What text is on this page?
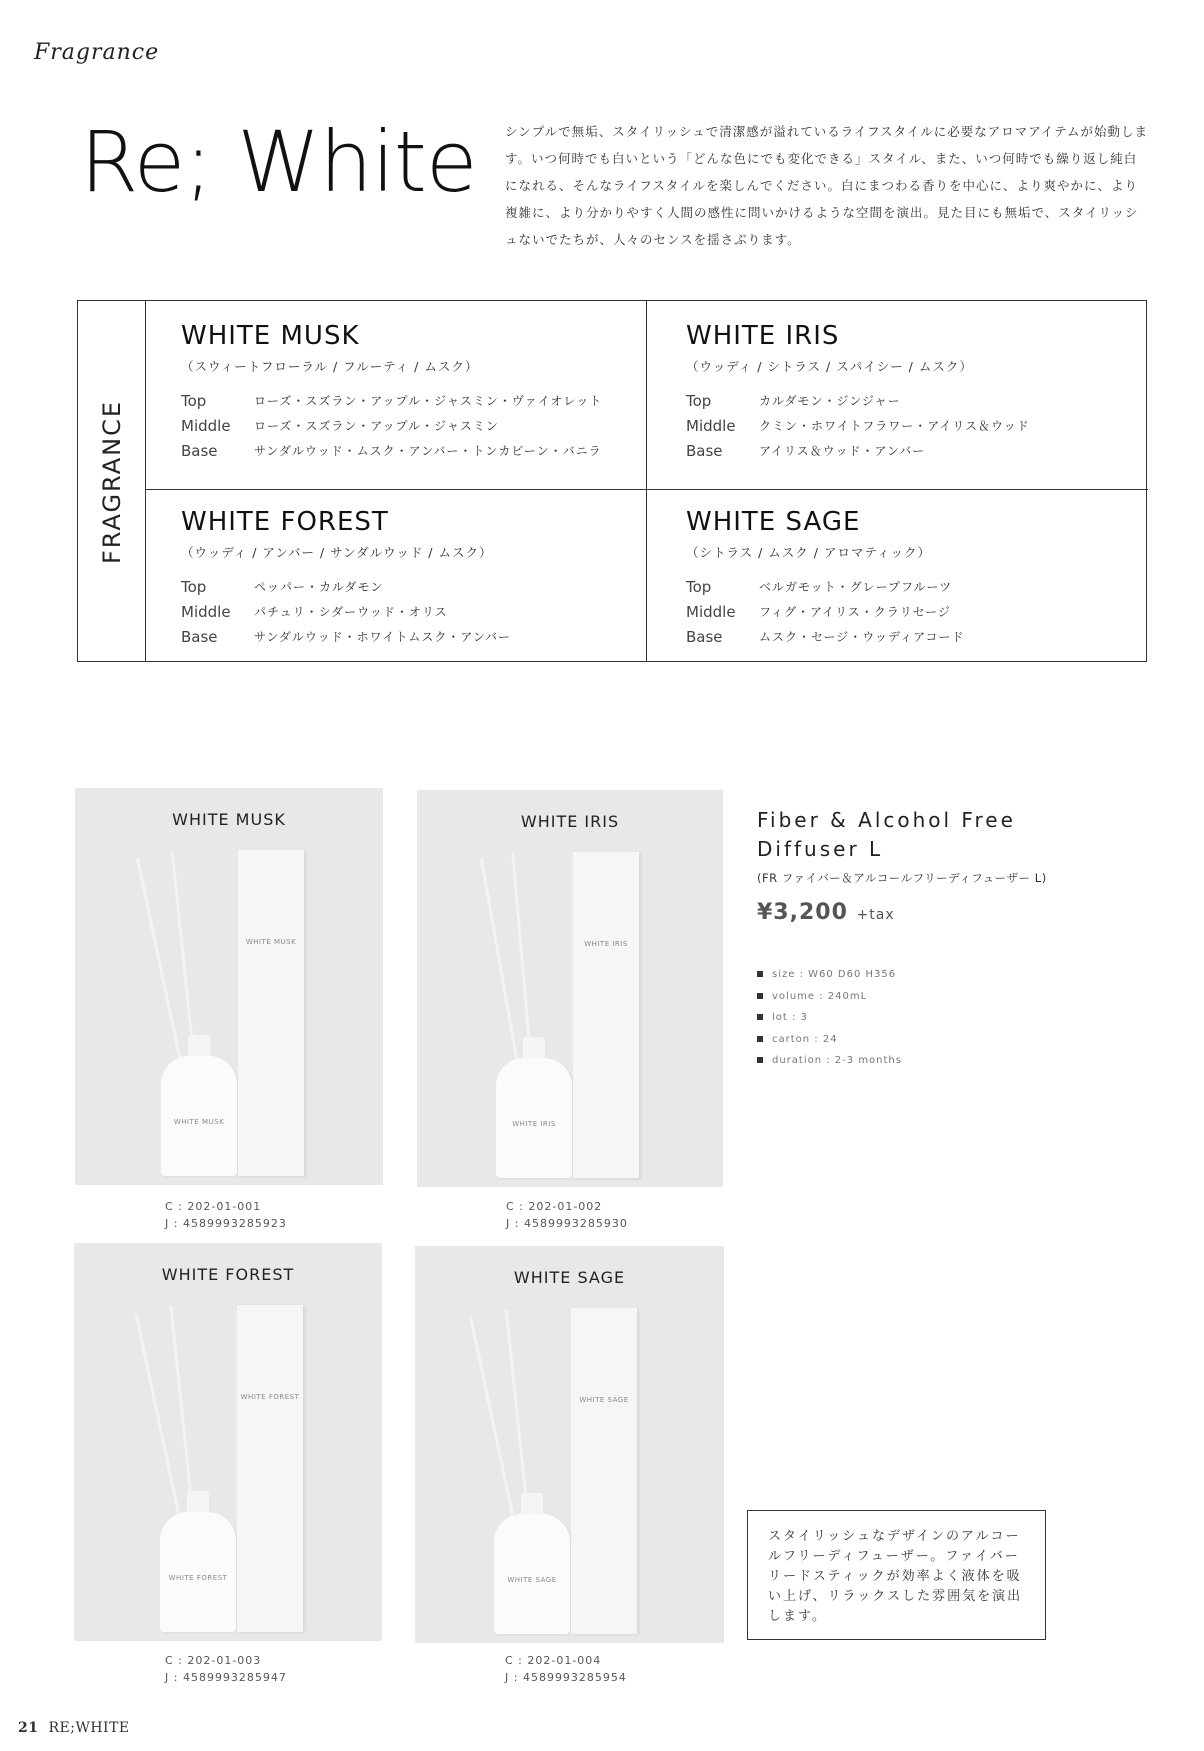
Fragrance
Re; White シンプルで無垢、スタイリッシュで清潔感が溢れているライフスタイルに必要なアロマアイテムが始動します。いつ何時でも白いという「どんな色にでも変化できる」スタイル、また、いつ何時でも繰り返し純白になれる、そんなライフスタイルを楽しんでください。白にまつわる香りを中心に、より爽やかに、より複雑に、より分かりやすく人間の感性に問いかけるような空間を演出。見た目にも無垢で、スタイリッシュないでたちが、人々のセンスを揺さぶります。
FRAGRANCE
WHITE MUSK
（スウィートフローラル / フルーティ / ムスク）
Top	ローズ・スズラン・アップル・ジャスミン・ヴァイオレット
Middle	ローズ・スズラン・アップル・ジャスミン
Base	サンダルウッド・ムスク・アンバー・トンカビーン・バニラ
WHITE IRIS
（ウッディ / シトラス / スパイシー / ムスク）
Top	カルダモン・ジンジャー
Middle	クミン・ホワイトフラワー・アイリス＆ウッド
Base	アイリス＆ウッド・アンバー
WHITE FOREST
（ウッディ / アンバー / サンダルウッド / ムスク）
Top	ペッパー・カルダモン
Middle	パチュリ・シダーウッド・オリス
Base	サンダルウッド・ホワイトムスク・アンバー
WHITE SAGE
（シトラス / ムスク / アロマティック）
Top	ベルガモット・グレープフルーツ
Middle	フィグ・アイリス・クラリセージ
Base	ムスク・セージ・ウッディアコード
WHITE MUSK
WHITE MUSK
WHITE MUSK
C : 202-01-001
J : 4589993285923
WHITE IRIS
WHITE IRIS
WHITE IRIS
C : 202-01-002
J : 4589993285930
WHITE FOREST
WHITE FOREST
WHITE FOREST
C : 202-01-003
J : 4589993285947
WHITE SAGE
WHITE SAGE
WHITE SAGE
C : 202-01-004
J : 4589993285954
Fiber & Alcohol Free
Diffuser L
(FR ファイバー＆アルコールフリーディフューザー L)
¥3,200 +tax
size : W60 D60 H356
volume : 240mL
lot : 3
carton : 24
duration : 2-3 months
スタイリッシュなデザインのアルコールフリーディフューザー。ファイバーリードスティックが効率よく液体を吸い上げ、リラックスした雰囲気を演出します。
21 RE;WHITE
